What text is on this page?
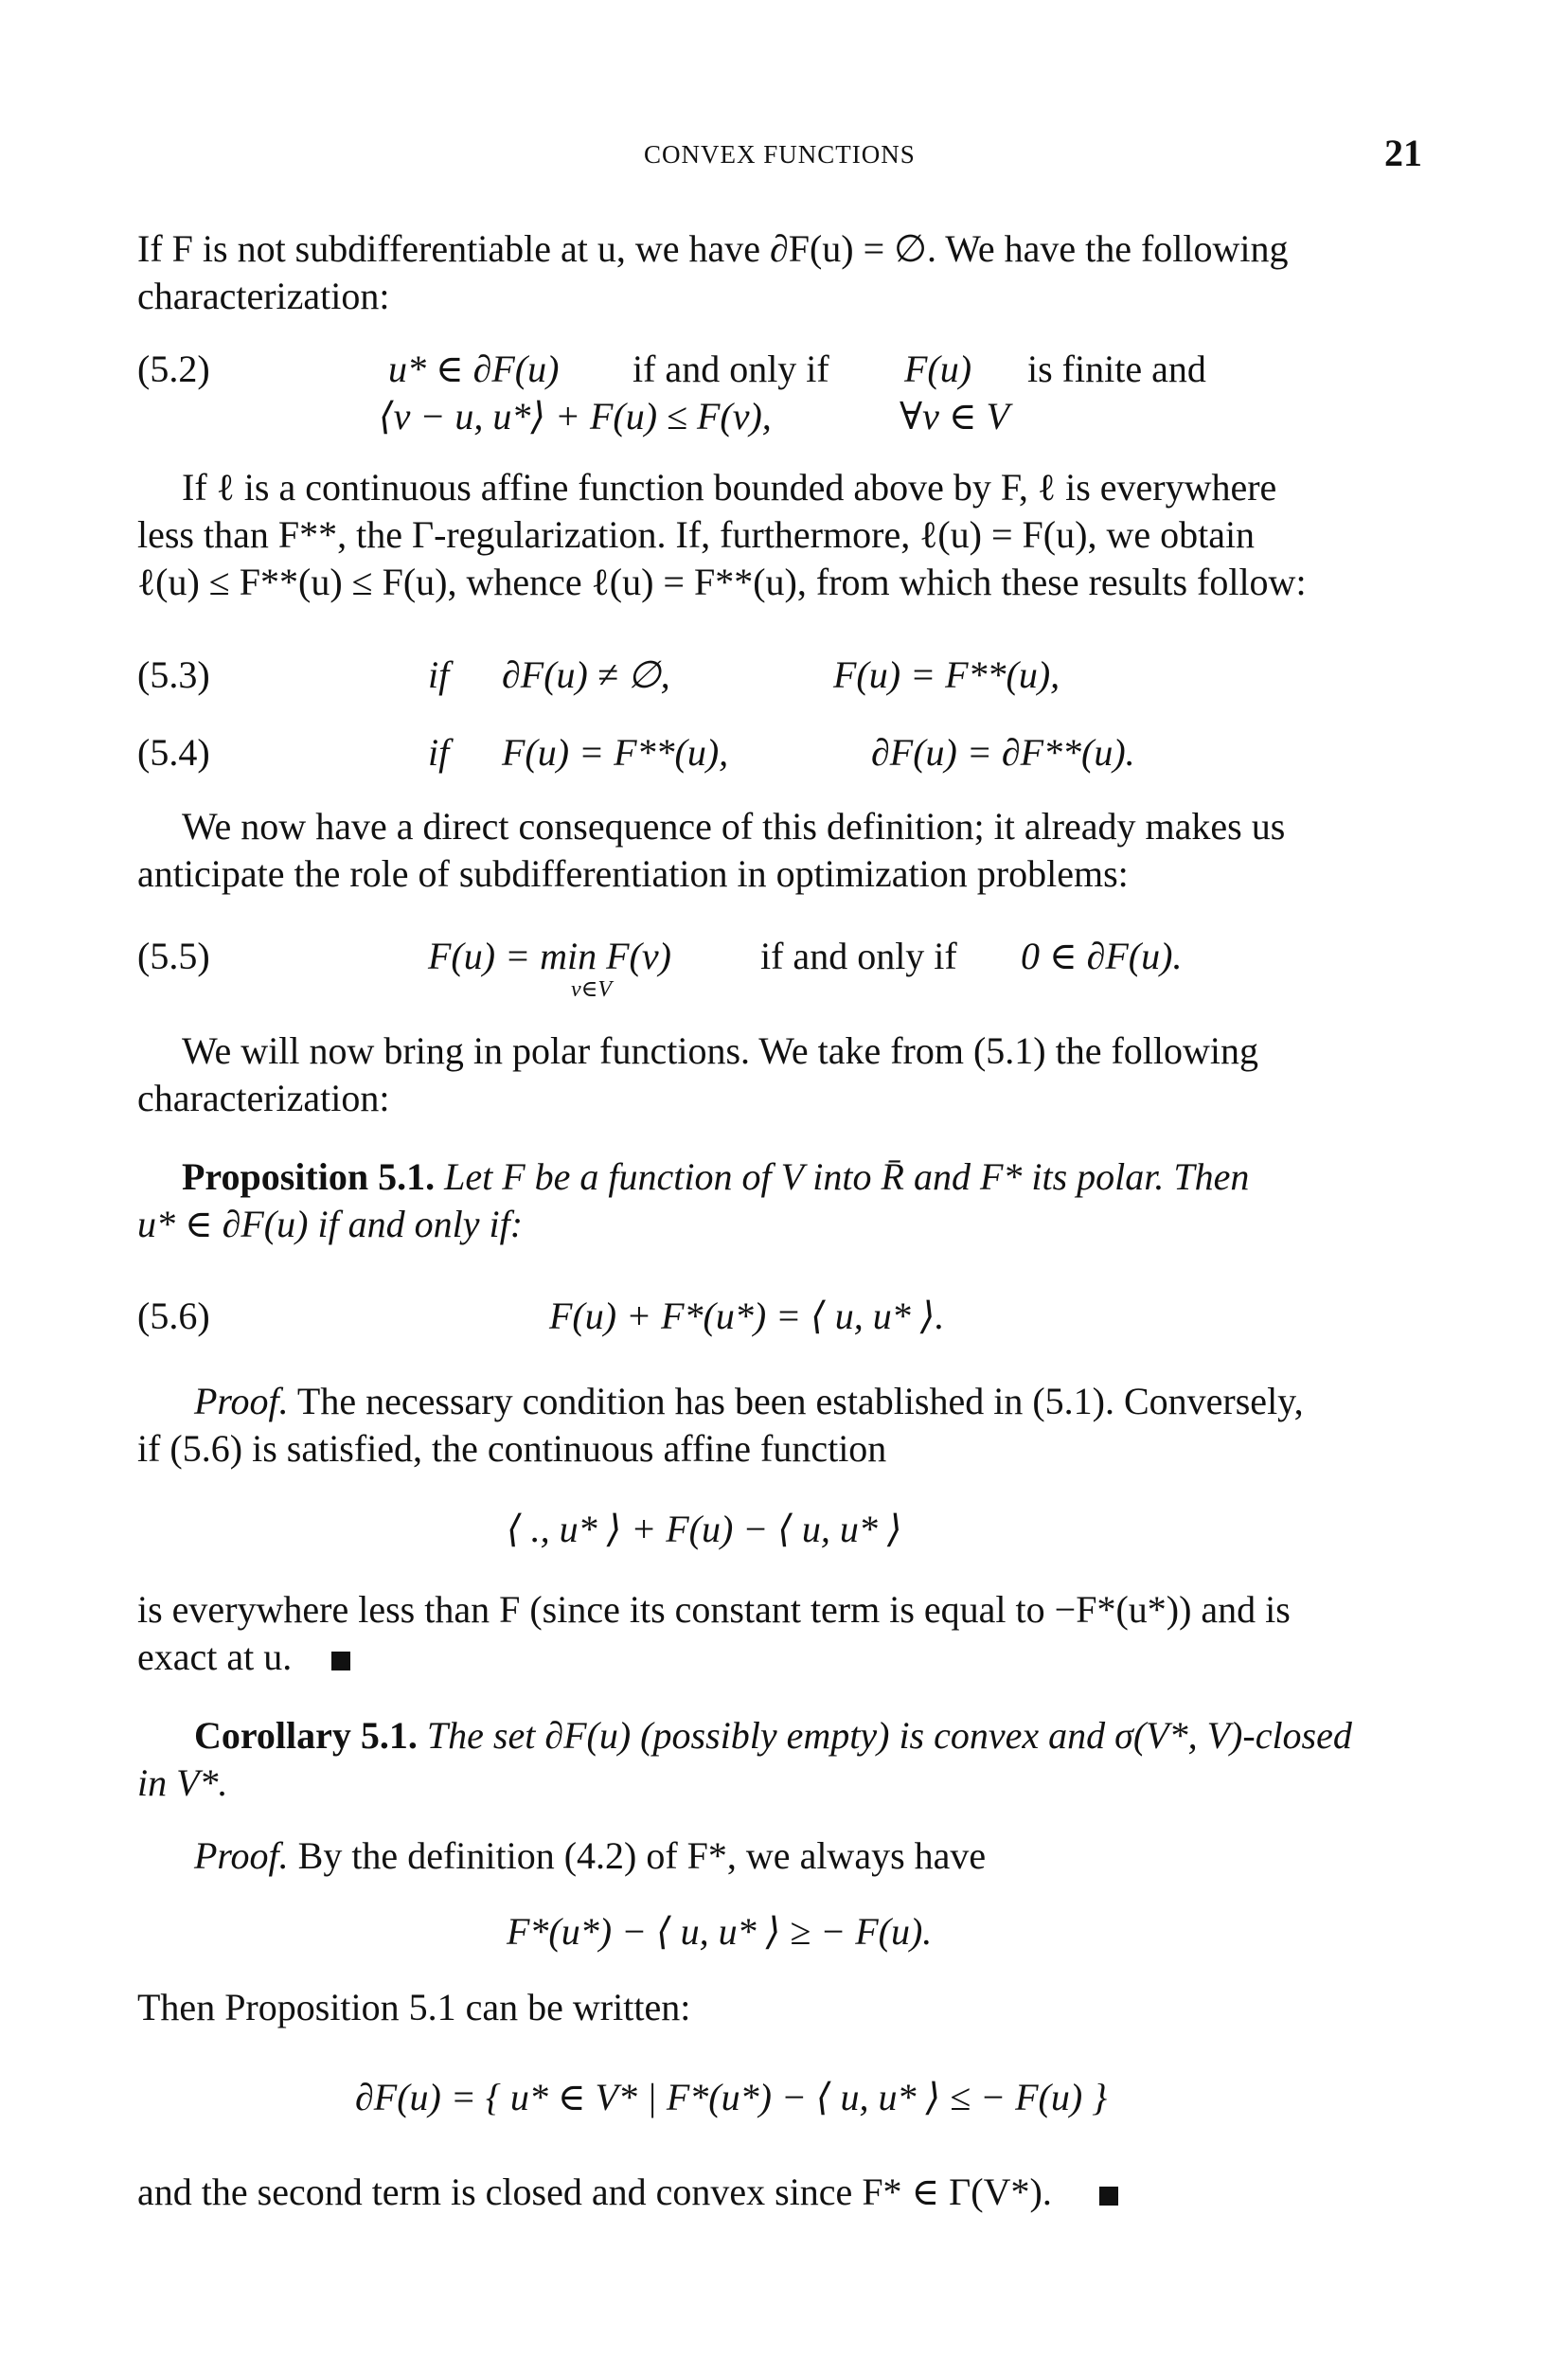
CONVEX FUNCTIONS	21
If F is not subdifferentiable at u, we have ∂F(u) = ∅. We have the following
characterization:
(5.2)	u* ∈ ∂F(u) if and only if F(u) is finite and
⟨v − u, u*⟩ + F(u) ≤ F(v),	∀v ∈ V
If ℓ is a continuous affine function bounded above by F, ℓ is everywhere
less than F**, the Γ-regularization. If, furthermore, ℓ(u) = F(u), we obtain
ℓ(u) ≤ F**(u) ≤ F(u), whence ℓ(u) = F**(u), from which these results follow:
(5.3)	if ∂F(u) ≠ ∅,	F(u) = F**(u),
(5.4)	if F(u) = F**(u),	∂F(u) = ∂F**(u).
We now have a direct consequence of this definition; it already makes us
anticipate the role of subdifferentiation in optimization problems:
(5.5)	F(u) = min F(v)
v∈V
if and only if 0 ∈ ∂F(u).
We will now bring in polar functions. We take from (5.1) the following
characterization:
Proposition 5.1. Let F be a function of V into R̄ and F* its polar. Then
u* ∈ ∂F(u) if and only if:
(5.6)	F(u) + F*(u*) = ⟨ u, u* ⟩.
Proof. The necessary condition has been established in (5.1). Conversely,
if (5.6) is satisfied, the continuous affine function
⟨ ., u* ⟩ + F(u) − ⟨ u, u* ⟩
is everywhere less than F (since its constant term is equal to −F*(u*)) and is
exact at u.
Corollary 5.1. The set ∂F(u) (possibly empty) is convex and σ(V*, V)-closed
in V*.
Proof. By the definition (4.2) of F*, we always have
F*(u*) − ⟨ u, u* ⟩ ≥ − F(u).
Then Proposition 5.1 can be written:
∂F(u) = { u* ∈ V* | F*(u*) − ⟨ u, u* ⟩ ≤ − F(u) }
and the second term is closed and convex since F* ∈ Γ(V*).
